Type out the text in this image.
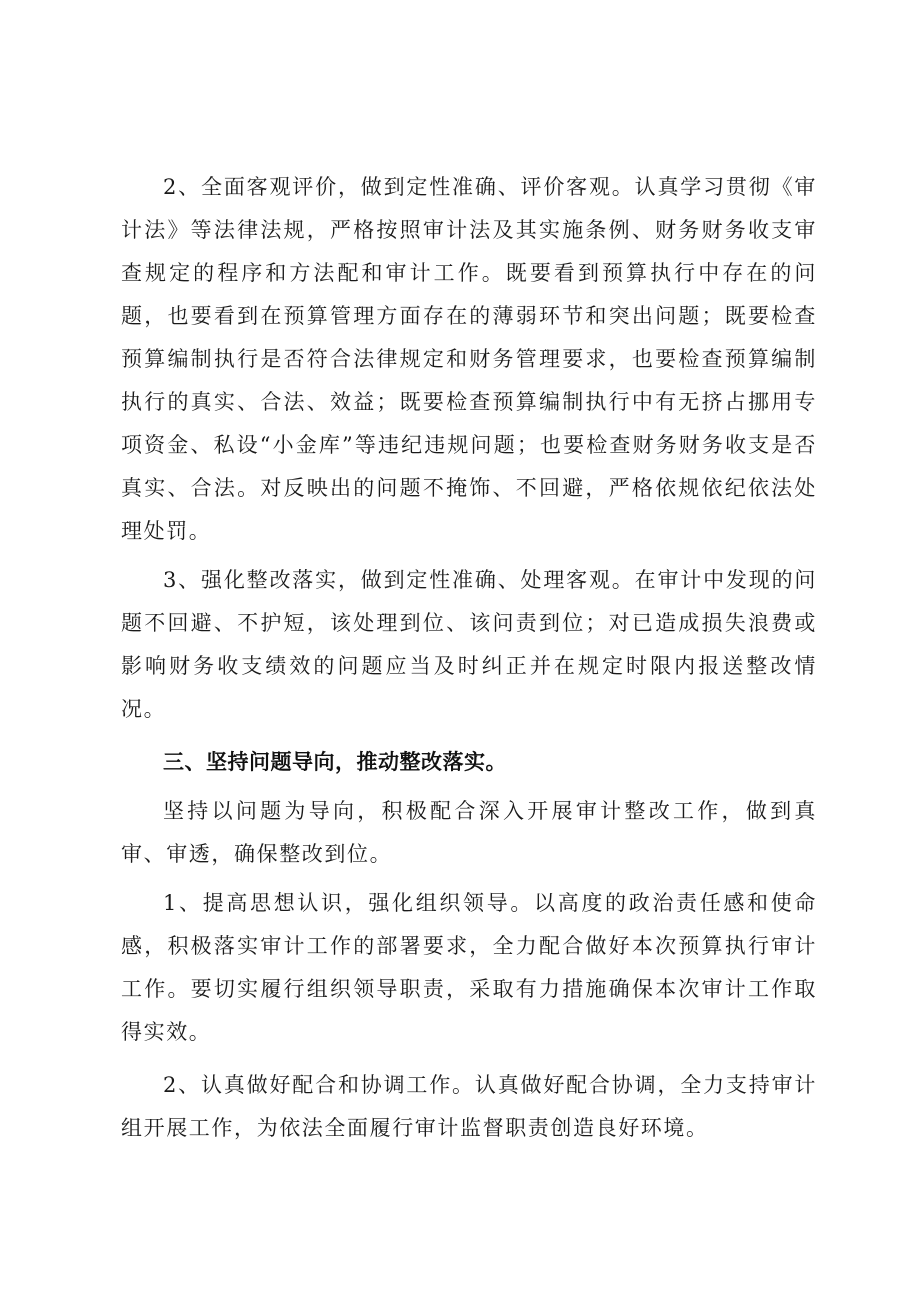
2、全面客观评价，做到定性准确、评价客观。认真学习贯彻《审计法》等法律法规，严格按照审计法及其实施条例、财务财务收支审查规定的程序和方法配和审计工作。既要看到预算执行中存在的问题，也要看到在预算管理方面存在的薄弱环节和突出问题；既要检查预算编制执行是否符合法律规定和财务管理要求，也要检查预算编制执行的真实、合法、效益；既要检查预算编制执行中有无挤占挪用专项资金、私设“小金库”等违纪违规问题；也要检查财务财务收支是否真实、合法。对反映出的问题不掩饰、不回避，严格依规依纪依法处理处罚。

3、强化整改落实，做到定性准确、处理客观。在审计中发现的问题不回避、不护短，该处理到位、该问责到位；对已造成损失浪费或影响财务收支绩效的问题应当及时纠正并在规定时限内报送整改情况。

三、坚持问题导向，推动整改落实。

坚持以问题为导向，积极配合深入开展审计整改工作，做到真审、审透，确保整改到位。

1、提高思想认识，强化组织领导。以高度的政治责任感和使命感，积极落实审计工作的部署要求，全力配合做好本次预算执行审计工作。要切实履行组织领导职责，采取有力措施确保本次审计工作取得实效。

2、认真做好配合和协调工作。认真做好配合协调，全力支持审计组开展工作，为依法全面履行审计监督职责创造良好环境。
